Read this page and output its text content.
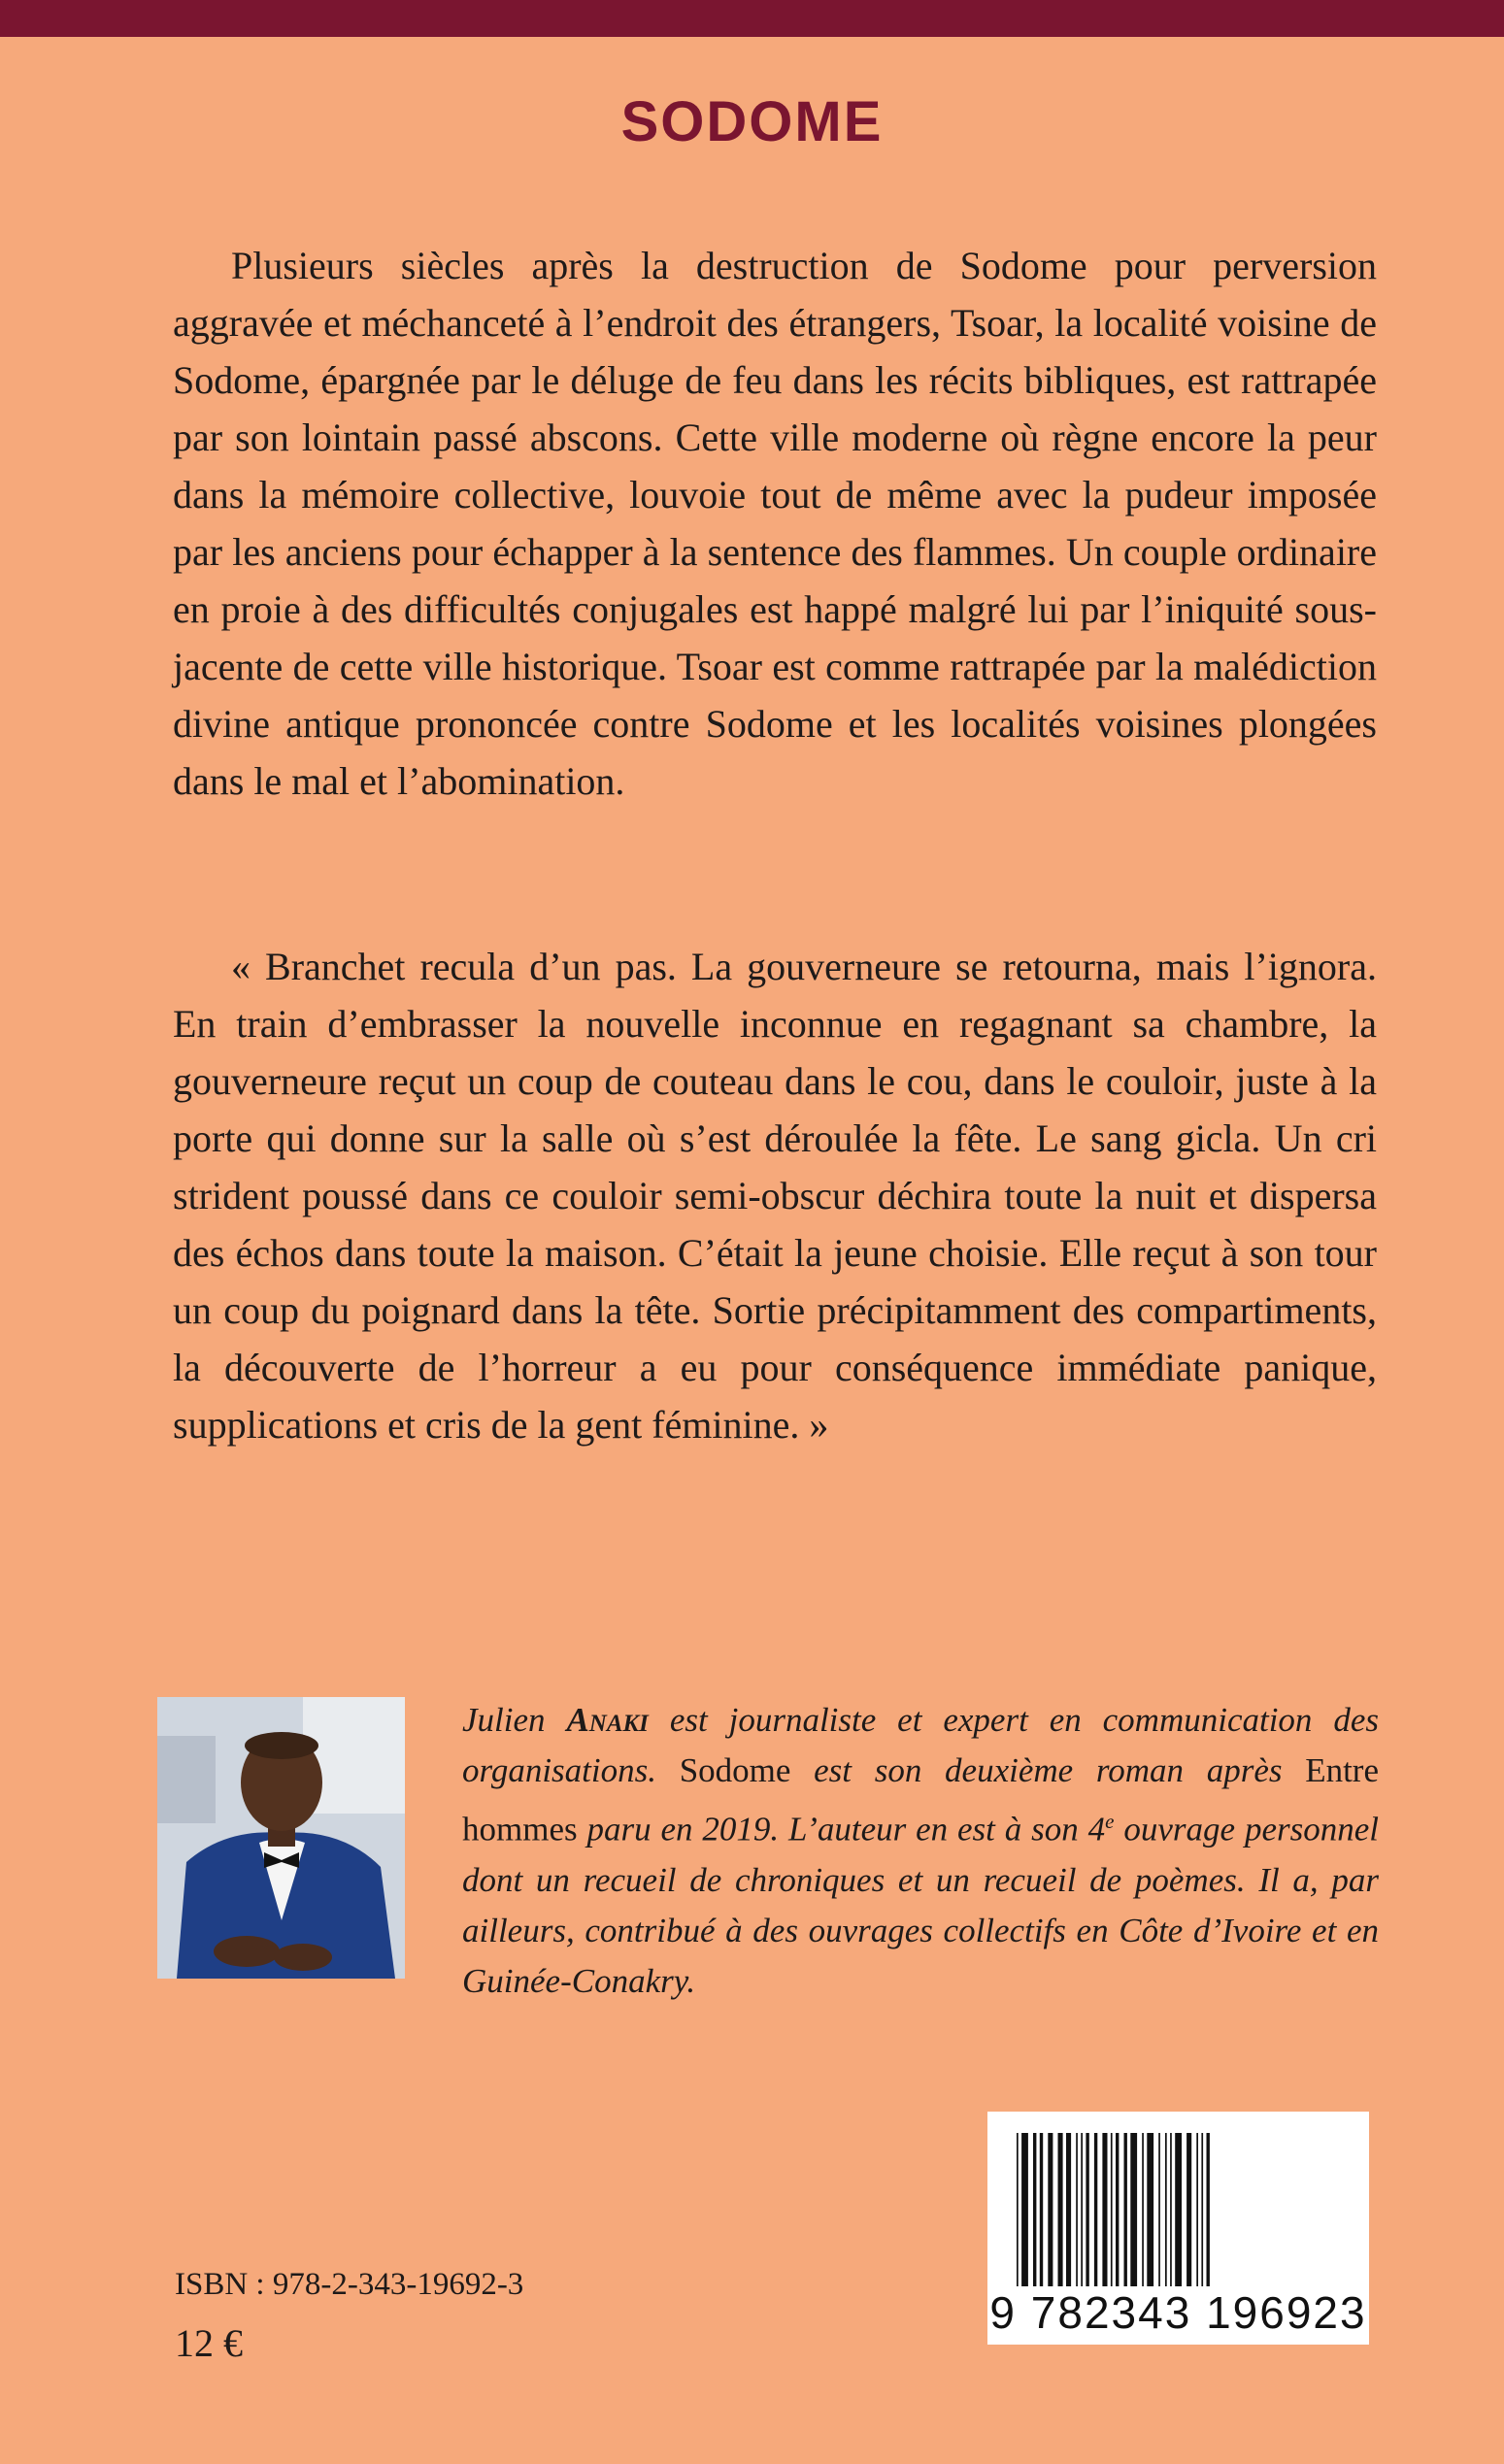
SODOME

Plusieurs siècles après la destruction de Sodome pour perversion aggravée et méchanceté à l’endroit des étrangers, Tsoar, la localité voisine de Sodome, épargnée par le déluge de feu dans les récits bibliques, est rattrapée par son lointain passé abscons. Cette ville moderne où règne encore la peur dans la mémoire collective, louvoie tout de même avec la pudeur imposée par les anciens pour échapper à la sentence des flammes. Un couple ordinaire en proie à des difficultés conjugales est happé malgré lui par l’iniquité sous-jacente de cette ville historique. Tsoar est comme rattrapée par la malédiction divine antique prononcée contre Sodome et les localités voisines plongées dans le mal et l’abomination.

« Branchet recula d’un pas. La gouverneure se retourna, mais l’ignora. En train d’embrasser la nouvelle inconnue en regagnant sa chambre, la gouverneure reçut un coup de couteau dans le cou, dans le couloir, juste à la porte qui donne sur la salle où s’est déroulée la fête. Le sang gicla. Un cri strident poussé dans ce couloir semi-obscur déchira toute la nuit et dispersa des échos dans toute la maison. C’était la jeune choisie. Elle reçut à son tour un coup du poignard dans la tête. Sortie précipitamment des compartiments, la découverte de l’horreur a eu pour conséquence immédiate panique, supplications et cris de la gent féminine. »

Julien Anaki est journaliste et expert en communication des organisations. Sodome est son deuxième roman après Entre hommes paru en 2019. L’auteur en est à son 4e ouvrage personnel dont un recueil de chroniques et un recueil de poèmes. Il a, par ailleurs, contribué à des ouvrages collectifs en Côte d’Ivoire et en Guinée-Conakry.

9 782343 196923
ISBN : 978-2-343-19692-3
12 €
